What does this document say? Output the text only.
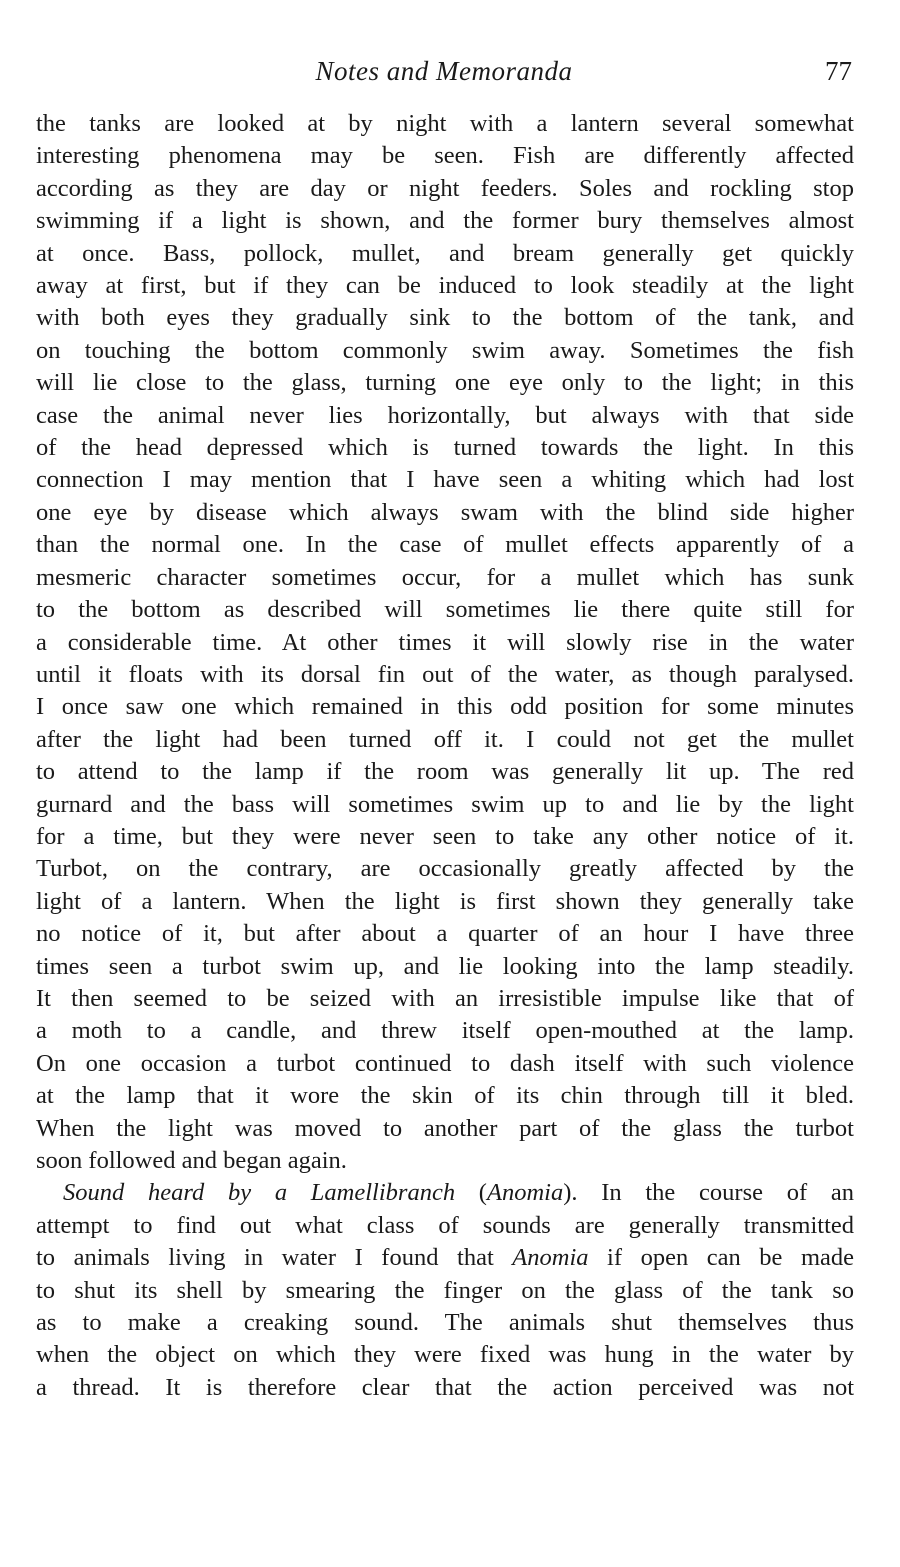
Notes and Memoranda	77
the tanks are looked at by night with a lantern several somewhat
interesting phenomena may be seen. Fish are differently affected
according as they are day or night feeders. Soles and rockling stop
swimming if a light is shown, and the former bury themselves almost
at once. Bass, pollock, mullet, and bream generally get quickly
away at first, but if they can be induced to look steadily at the light
with both eyes they gradually sink to the bottom of the tank, and
on touching the bottom commonly swim away. Sometimes the fish
will lie close to the glass, turning one eye only to the light; in this
case the animal never lies horizontally, but always with that side
of the head depressed which is turned towards the light. In this
connection I may mention that I have seen a whiting which had lost
one eye by disease which always swam with the blind side higher
than the normal one. In the case of mullet effects apparently of a
mesmeric character sometimes occur, for a mullet which has sunk
to the bottom as described will sometimes lie there quite still for
a considerable time. At other times it will slowly rise in the water
until it floats with its dorsal fin out of the water, as though paralysed.
I once saw one which remained in this odd position for some minutes
after the light had been turned off it. I could not get the mullet
to attend to the lamp if the room was generally lit up. The red
gurnard and the bass will sometimes swim up to and lie by the light
for a time, but they were never seen to take any other notice of it.
Turbot, on the contrary, are occasionally greatly affected by the
light of a lantern. When the light is first shown they generally take
no notice of it, but after about a quarter of an hour I have three
times seen a turbot swim up, and lie looking into the lamp steadily.
It then seemed to be seized with an irresistible impulse like that of
a moth to a candle, and threw itself open-mouthed at the lamp.
On one occasion a turbot continued to dash itself with such violence
at the lamp that it wore the skin of its chin through till it bled.
When the light was moved to another part of the glass the turbot
soon followed and began again.
Sound heard by a Lamellibranch (Anomia). In the course of an
attempt to find out what class of sounds are generally transmitted
to animals living in water I found that Anomia if open can be made
to shut its shell by smearing the finger on the glass of the tank so
as to make a creaking sound. The animals shut themselves thus
when the object on which they were fixed was hung in the water by
a thread. It is therefore clear that the action perceived was not
